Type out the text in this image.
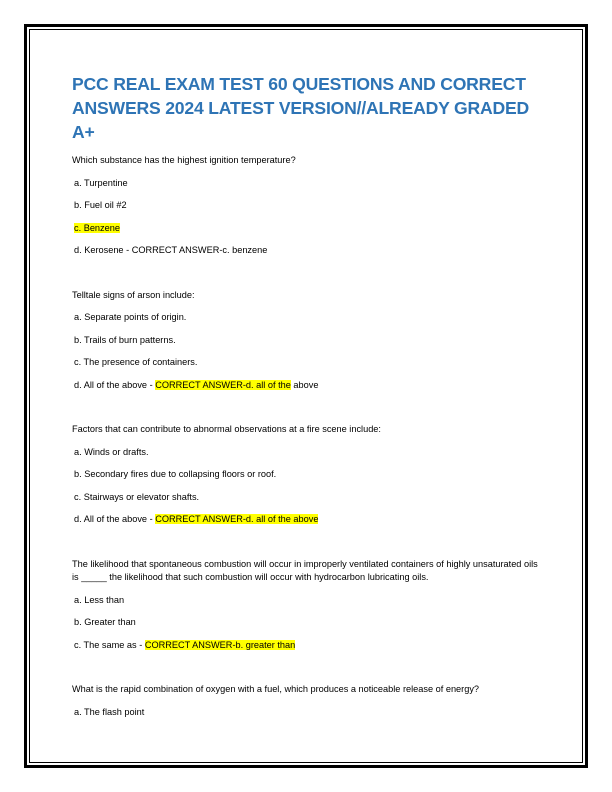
PCC REAL EXAM TEST 60 QUESTIONS AND CORRECT ANSWERS 2024 LATEST VERSION//ALREADY GRADED A+

Which substance has the highest ignition temperature?

a. Turpentine

b. Fuel oil #2

c. Benzene

d. Kerosene - CORRECT ANSWER-c. benzene

Telltale signs of arson include:

a. Separate points of origin.

b. Trails of burn patterns.

c. The presence of containers.

d. All of the above - CORRECT ANSWER-d. all of the above

Factors that can contribute to abnormal observations at a fire scene include:

a. Winds or drafts.

b. Secondary fires due to collapsing floors or roof.

c. Stairways or elevator shafts.

d. All of the above - CORRECT ANSWER-d. all of the above

The likelihood that spontaneous combustion will occur in improperly ventilated containers of highly unsaturated oils is _____ the likelihood that such combustion will occur with hydrocarbon lubricating oils.

a. Less than

b. Greater than

c. The same as - CORRECT ANSWER-b. greater than

What is the rapid combination of oxygen with a fuel, which produces a noticeable release of energy?

a. The flash point
